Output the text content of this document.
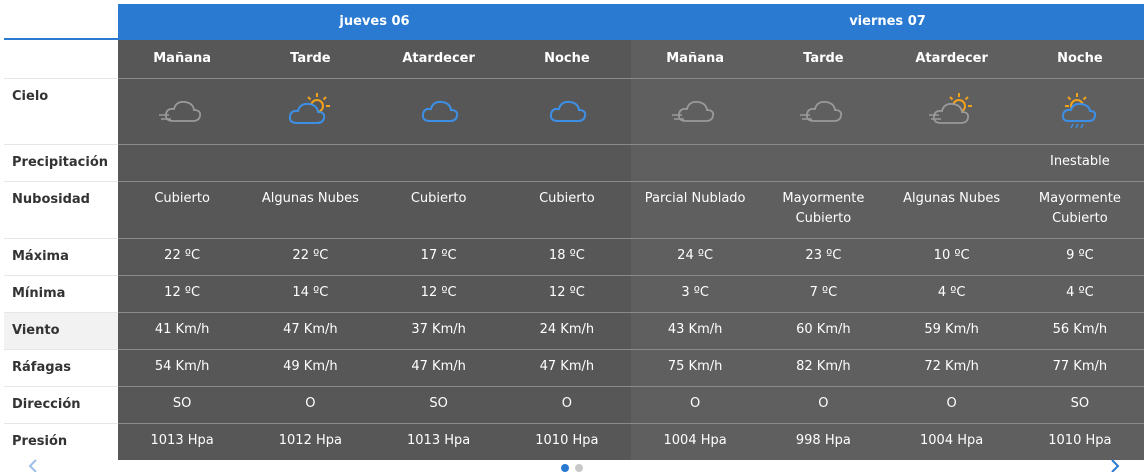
jueves 06	viernes 07
Cielo
Precipitación
Nubosidad
Máxima
Mínima
Viento
Ráfagas
Dirección
Presión
Mañana
Cubierto
22 ºC
12 ºC
41 Km/h
54 Km/h
SO
1013 Hpa
Tarde
Algunas Nubes
22 ºC
14 ºC
47 Km/h
49 Km/h
O
1012 Hpa
Atardecer
Cubierto
17 ºC
12 ºC
37 Km/h
47 Km/h
SO
1013 Hpa
Noche
Cubierto
18 ºC
12 ºC
24 Km/h
47 Km/h
O
1010 Hpa
Mañana
Parcial Nublado
24 ºC
3 ºC
43 Km/h
75 Km/h
O
1004 Hpa
Tarde
Mayormente Cubierto
23 ºC
7 ºC
60 Km/h
82 Km/h
O
998 Hpa
Atardecer
Algunas Nubes
10 ºC
4 ºC
59 Km/h
72 Km/h
O
1004 Hpa
Noche
Inestable
Mayormente Cubierto
9 ºC
4 ºC
56 Km/h
77 Km/h
SO
1010 Hpa
